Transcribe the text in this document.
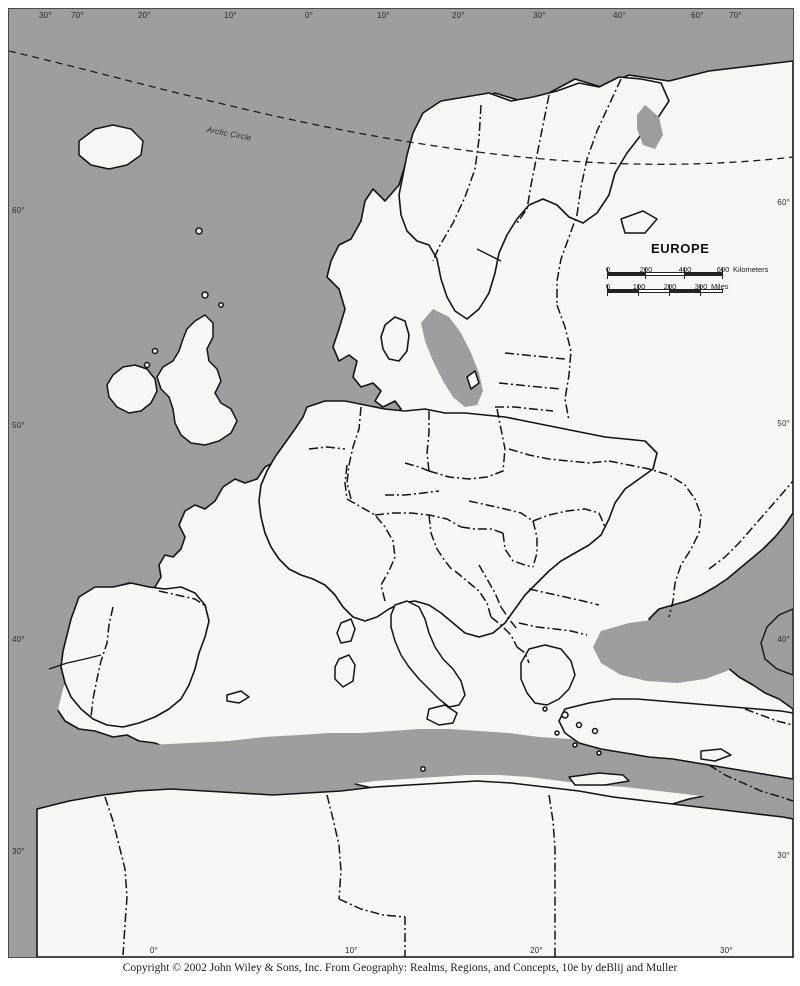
Arctic Circle
30° 70°	20°	10°	0°	10°	20°	30°	40°	60°	70°
0°	10°	20°	30°
60°
50°
40°
30°
60°
50°
40°
30°
EUROPE
0	200	400	600 Kilometers
0	100 200 300 Miles
Copyright © 2002 John Wiley & Sons, Inc. From Geography: Realms, Regions, and Concepts, 10e by deBlij and Muller
